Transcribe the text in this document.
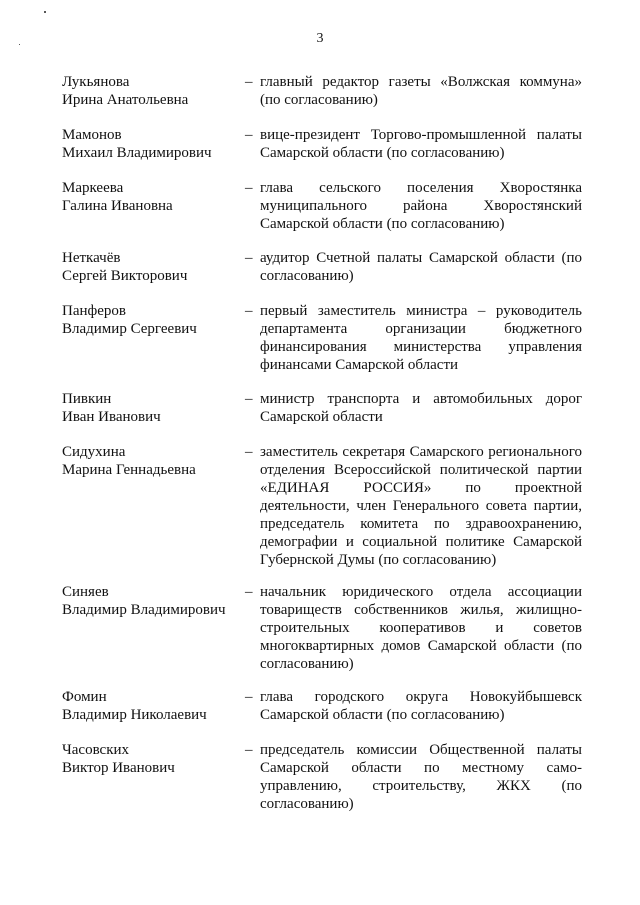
3
Лукьянова
Ирина Анатольевна
– главный редактор газеты «Волжская коммуна»
(по согласованию)
Мамонов
Михаил Владимирович
– вице-президент Торгово-промышленной палаты
Самарской области (по согласованию)
Маркеева
Галина Ивановна
– глава сельского поселения Хворостянка
муниципального района Хворостянский
Самарской области (по согласованию)
Неткачёв
Сергей Викторович
– аудитор Счетной палаты Самарской области (по
согласованию)
Панферов
Владимир Сергеевич
– первый заместитель министра – руководитель
департамента организации бюджетного
финансирования министерства управления
финансами Самарской области
Пивкин
Иван Иванович
– министр транспорта и автомобильных дорог
Самарской области
Сидухина
Марина Геннадьевна
– заместитель секретаря Самарского регионального
отделения Всероссийской политической партии
«ЕДИНАЯ РОССИЯ» по проектной
деятельности, член Генерального совета партии,
председатель комитета по здравоохранению,
демографии и социальной политике Самарской
Губернской Думы (по согласованию)
Синяев
Владимир Владимирович
– начальник юридического отдела ассоциации
товариществ собственников жилья, жилищно-
строительных кооперативов и советов
многоквартирных домов Самарской области (по
согласованию)
Фомин
Владимир Николаевич
– глава городского округа Новокуйбышевск
Самарской области (по согласованию)
Часовских
Виктор Иванович
– председатель комиссии Общественной палаты
Самарской области по местному само-
управлению, строительству, ЖКХ (по
согласованию)
